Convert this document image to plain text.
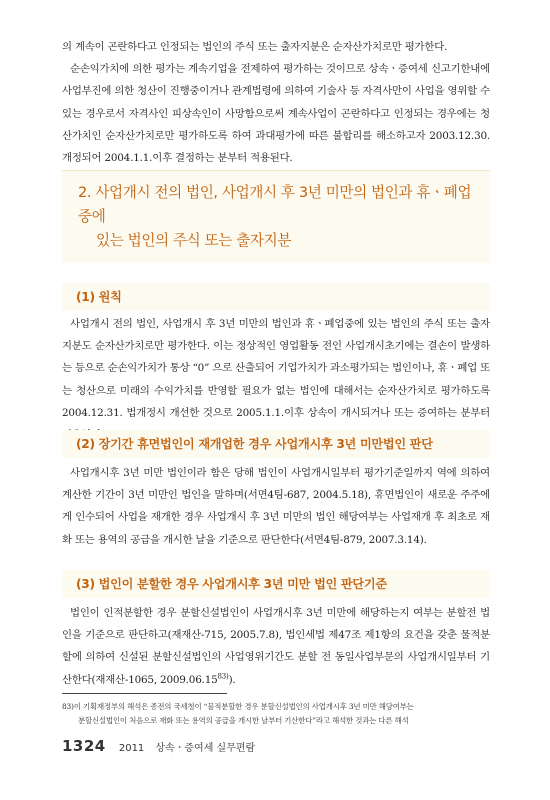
의 계속이 곤란하다고 인정되는 법인의 주식 또는 출자지분은 순자산가치로만 평가한다.

순손익가치에 의한 평가는 계속기업을 전제하여 평가하는 것이므로 상속ㆍ증여세 신고기한내에 사업부진에 의한 청산이 진행중이거나 관계법령에 의하여 기술사 등 자격사만이 사업을 영위할 수 있는 경우로서 자격사인 피상속인이 사망함으로써 계속사업이 곤란하다고 인정되는 경우에는 청산가치인 순자산가치로만 평가하도록 하여 과대평가에 따른 불합리를 해소하고자 2003.12.30.개정되어 2004.1.1.이후 결정하는 분부터 적용된다.

2. 사업개시 전의 법인, 사업개시 후 3년 미만의 법인과 휴ㆍ폐업중에
있는 법인의 주식 또는 출자지분
(1) 원칙
사업개시 전의 법인, 사업개시 후 3년 미만의 법인과 휴ㆍ폐업중에 있는 법인의 주식 또는 출자지분도 순자산가치로만 평가한다. 이는 정상적인 영업활동 전인 사업개시초기에는 결손이 발생하는 등으로 순손익가치가 통상 “0” 으로 산출되어 기업가치가 과소평가되는 법인이나, 휴ㆍ폐업 또는 청산으로 미래의 수익가치를 반영할 필요가 없는 법인에 대해서는 순자산가치로 평가하도록 2004.12.31. 법개정시 개선한 것으로 2005.1.1.이후 상속이 개시되거나 또는 증여하는 분부터
(2) 장기간 휴면법인이 재개업한 경우 사업개시후 3년 미만법인 판단
사업개시후 3년 미만 법인이라 함은 당해 법인이 사업개시일부터 평가기준일까지 역에 의하여 계산한 기간이 3년 미만인 법인을 말하며(서면4팀-687, 2004.5.18), 휴면법인이 새로운 주주에게 인수되어 사업을 재개한 경우 사업개시 후 3년 미만의 법인 해당여부는 사업재개 후 최초로 재화 또는 용역의 공급을 개시한 날을 기준으로 판단한다(서면4팀-879, 2007.3.14).
(3) 법인이 분할한 경우 사업개시후 3년 미만 법인 판단기준
법인이 인적분할한 경우 분할신설법인이 사업개시후 3년 미만에 해당하는지 여부는 분할전 법인을 기준으로 판단하고(재재산-715, 2005.7.8), 법인세법 제47조 제1항의 요건을 갖춘 물적분할에 의하여 신설된 분할신설법인의 사업영위기간도 분할 전 동일사업부문의 사업개시일부터 기산한다(재재산-1065, 2009.06.15$^{83)}$).
83)이 기획재정부의 해석은 종전의 국세청이 “물적분할한 경우 분할신설법인의 사업개시후 3년 미만 해당여부는
분할신설법인이 처음으로 재화 또는 용역의 공급을 개시한 날부터 기산한다”라고 해석한 것과는 다른 해석
1324 2011 상속ㆍ증여세 실무편람
